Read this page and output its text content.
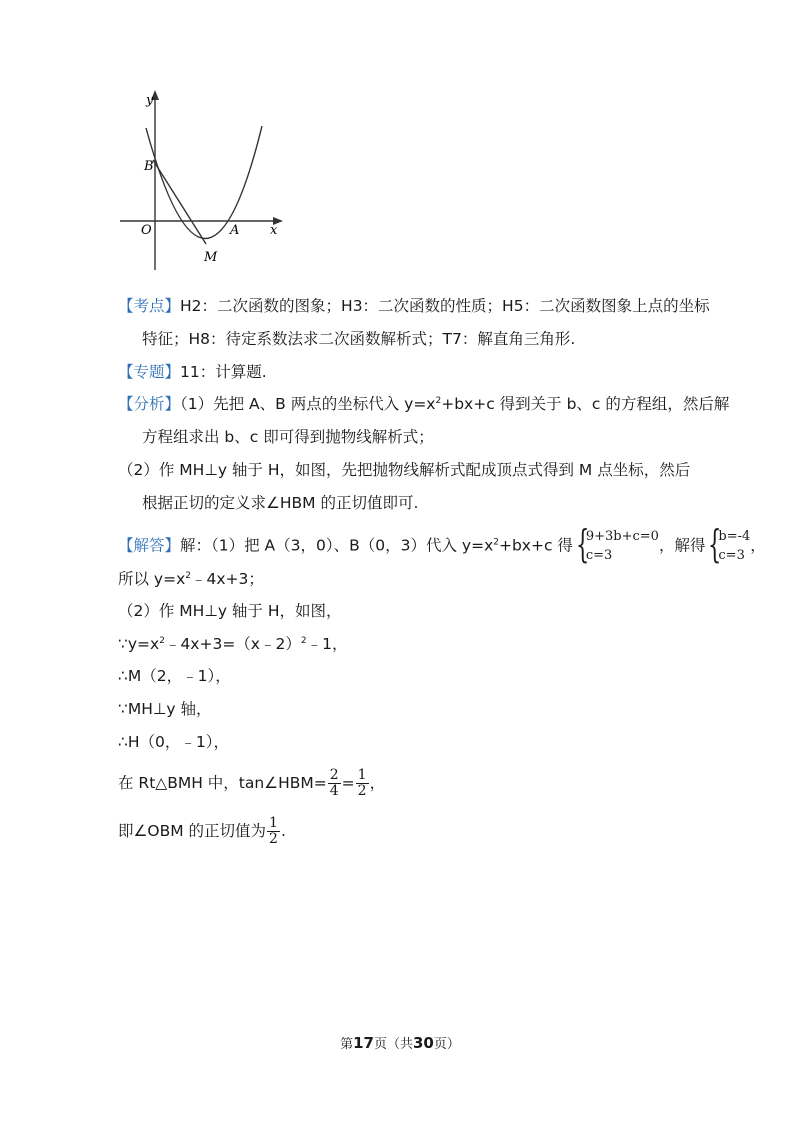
y
x
O
B
A
M
【考点】H2：二次函数的图象；H3：二次函数的性质；H5：二次函数图象上点的坐标
特征；H8：待定系数法求二次函数解析式；T7：解直角三角形.
【专题】11：计算题.
【分析】（1）先把 A、B 两点的坐标代入 $y=x^2+bx+c$ 得到关于 b、c 的方程组，然后解
方程组求出 b、c 即可得到抛物线解析式；
（2）作 MH⊥y 轴于 H，如图，先把抛物线解析式配成顶点式得到 M 点坐标，然后
根据正切的定义求∠HBM 的正切值即可.
【解答】解：（1）把 A（3，0）、B（0，3）代入 $y=x^2+bx+c$ 得 {
9+3b+c=0
c=3
，解得 {
b=-4
c=3
，
所以 $y=x^2﹣4x+3$；
（2）作 MH⊥y 轴于 H，如图，
$\because y=x^2﹣4x+3=(x﹣2)^2﹣1$，
∴M（2，﹣1），
∵MH⊥y 轴，
∴H（0，﹣1），
在 Rt△BMH 中，tan∠HBM= $\frac{2}{4} = \frac{1}{2}$ ，
即∠OBM 的正切值为 $\frac{1}{2}$ .
第17页（共30页）
